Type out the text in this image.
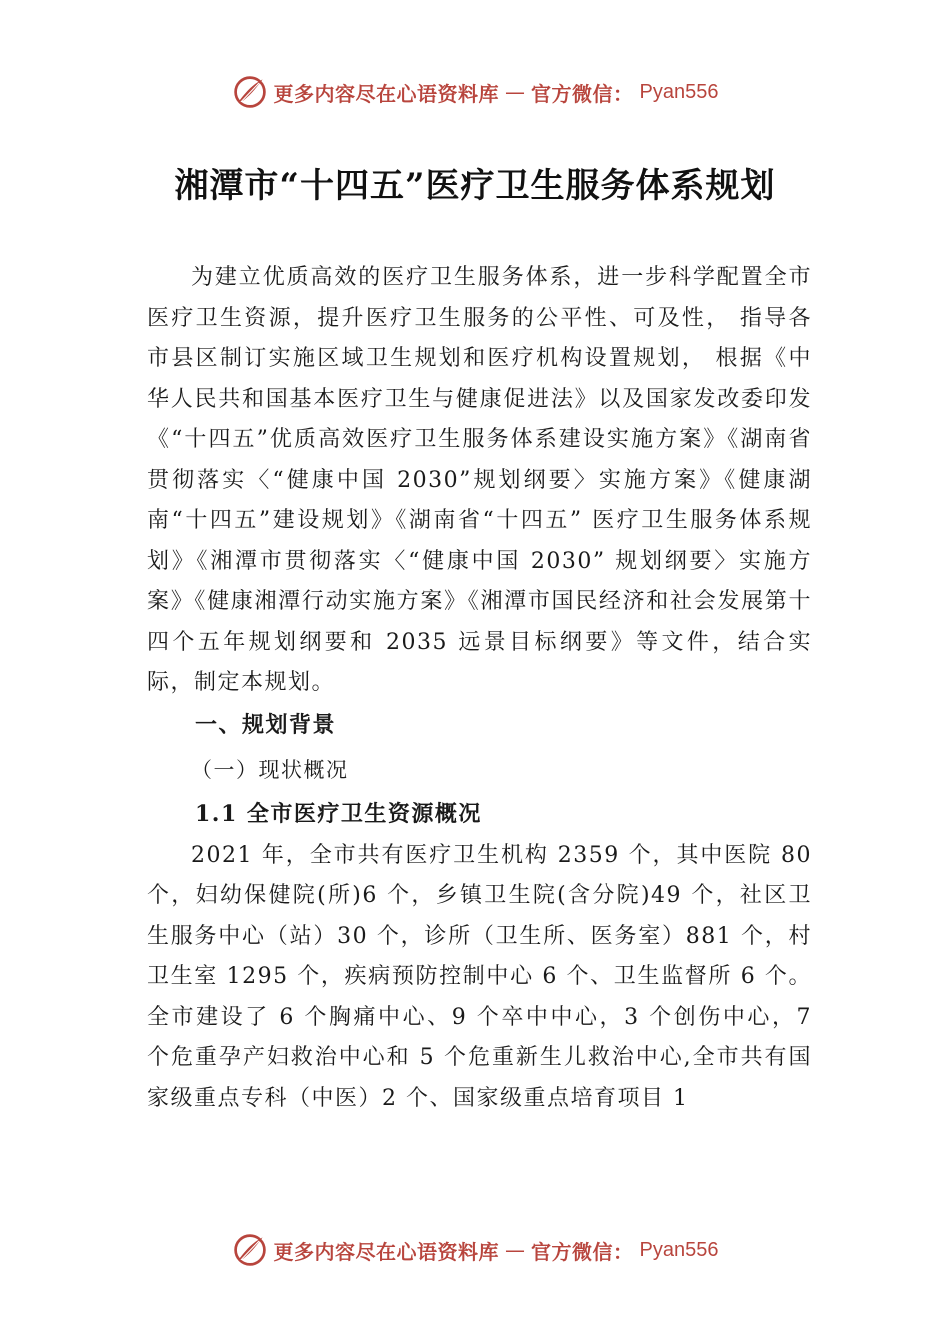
更多内容尽在心语资料库 — 官方微信： Pyan556
湘潭市“十四五”医疗卫生服务体系规划

为建立优质高效的医疗卫生服务体系，进一步科学配置全市医疗卫生资源，提升医疗卫生服务的公平性、可及性， 指导各市县区制订实施区域卫生规划和医疗机构设置规划， 根据《中华人民共和国基本医疗卫生与健康促进法》以及国家发改委印发《“十四五”优质高效医疗卫生服务体系建设实施方案》《湖南省贯彻落实〈“健康中国 2030”规划纲要〉实施方案》《健康湖南“十四五”建设规划》《湖南省“十四五” 医疗卫生服务体系规划》《湘潭市贯彻落实〈“健康中国 2030” 规划纲要〉实施方案》《健康湘潭行动实施方案》《湘潭市国民经济和社会发展第十四个五年规划纲要和 2035 远景目标纲要》等文件，结合实际，制定本规划。

一、规划背景
（一）现状概况
1.1 全市医疗卫生资源概况

2021 年，全市共有医疗卫生机构 2359 个，其中医院 80 个，妇幼保健院(所)6 个，乡镇卫生院(含分院)49 个，社区卫生服务中心（站）30 个，诊所（卫生所、医务室）881 个，村卫生室 1295 个，疾病预防控制中心 6 个、卫生监督所 6 个。全市建设了 6 个胸痛中心、9 个卒中中心，3 个创伤中心，7 个危重孕产妇救治中心和 5 个危重新生儿救治中心,全市共有国家级重点专科（中医）2 个、国家级重点培育项目 1

更多内容尽在心语资料库 — 官方微信： Pyan556
